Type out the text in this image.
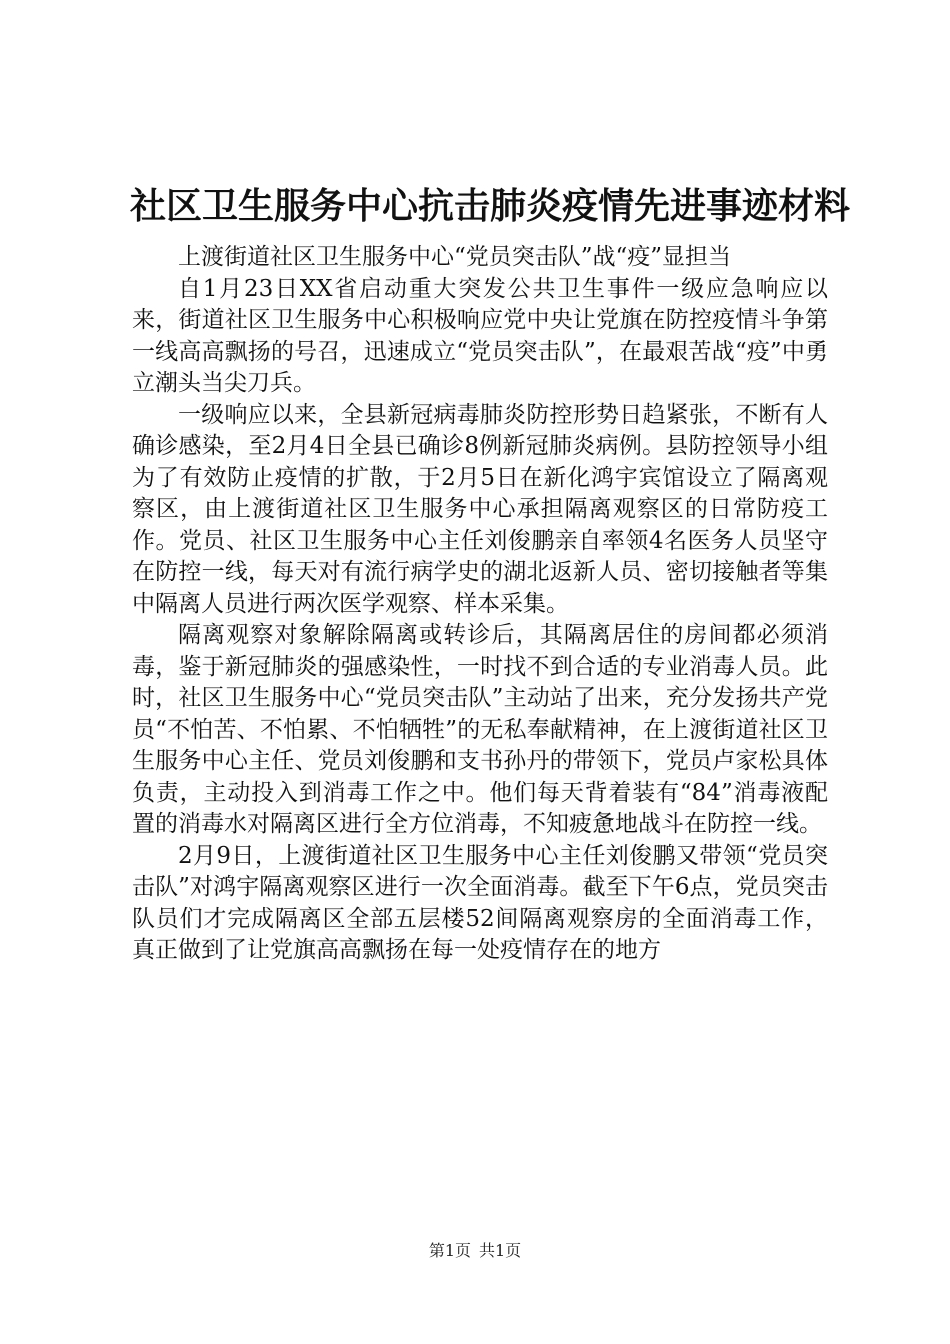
社区卫生服务中心抗击肺炎疫情先进事迹材料

上渡街道社区卫生服务中心“党员突击队”战“疫”显担当

自1月23日XX省启动重大突发公共卫生事件一级应急响应以来，街道社区卫生服务中心积极响应党中央让党旗在防控疫情斗争第一线高高飘扬的号召，迅速成立“党员突击队”，在最艰苦战“疫”中勇立潮头当尖刀兵。

一级响应以来，全县新冠病毒肺炎防控形势日趋紧张，不断有人确诊感染，至2月4日全县已确诊8例新冠肺炎病例。县防控领导小组为了有效防止疫情的扩散，于2月5日在新化鸿宇宾馆设立了隔离观察区，由上渡街道社区卫生服务中心承担隔离观察区的日常防疫工作。党员、社区卫生服务中心主任刘俊鹏亲自率领4名医务人员坚守在防控一线，每天对有流行病学史的湖北返新人员、密切接触者等集中隔离人员进行两次医学观察、样本采集。

隔离观察对象解除隔离或转诊后，其隔离居住的房间都必须消毒，鉴于新冠肺炎的强感染性，一时找不到合适的专业消毒人员。此时，社区卫生服务中心“党员突击队”主动站了出来，充分发扬共产党员“不怕苦、不怕累、不怕牺牲”的无私奉献精神，在上渡街道社区卫生服务中心主任、党员刘俊鹏和支书孙丹的带领下，党员卢家松具体负责，主动投入到消毒工作之中。他们每天背着装有“84”消毒液配置的消毒水对隔离区进行全方位消毒，不知疲惫地战斗在防控一线。

2月9日，上渡街道社区卫生服务中心主任刘俊鹏又带领“党员突击队”对鸿宇隔离观察区进行一次全面消毒。截至下午6点，党员突击队员们才完成隔离区全部五层楼52间隔离观察房的全面消毒工作，真正做到了让党旗高高飘扬在每一处疫情存在的地方

第1页 共1页
